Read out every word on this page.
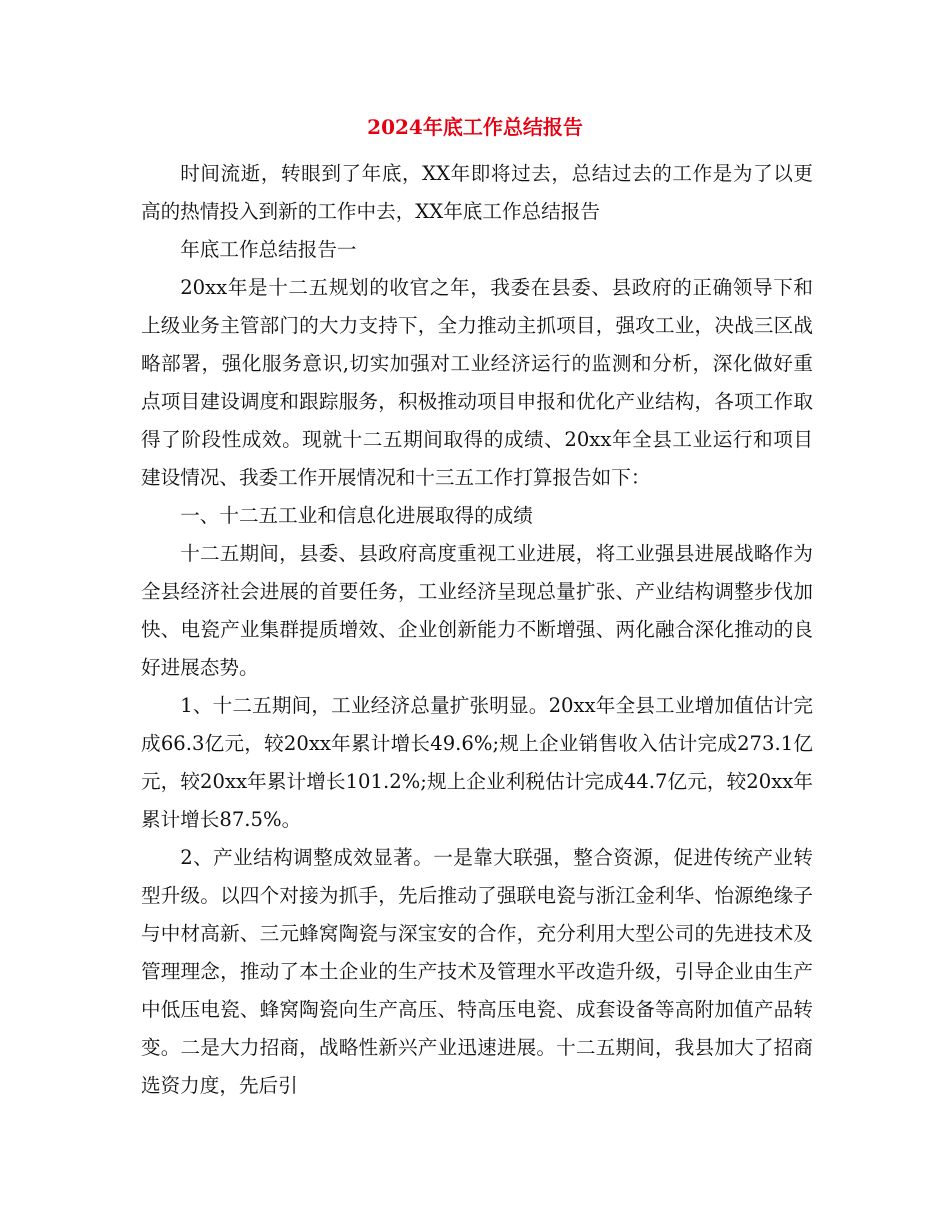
2024年底工作总结报告

时间流逝，转眼到了年底，XX年即将过去，总结过去的工作是为了以更高的热情投入到新的工作中去，XX年底工作总结报告

年底工作总结报告一

20xx年是十二五规划的收官之年，我委在县委、县政府的正确领导下和上级业务主管部门的大力支持下，全力推动主抓项目，强攻工业，决战三区战略部署，强化服务意识,切实加强对工业经济运行的监测和分析，深化做好重点项目建设调度和跟踪服务，积极推动项目申报和优化产业结构，各项工作取得了阶段性成效。现就十二五期间取得的成绩、20xx年全县工业运行和项目建设情况、我委工作开展情况和十三五工作打算报告如下：

一、十二五工业和信息化进展取得的成绩

十二五期间，县委、县政府高度重视工业进展，将工业强县进展战略作为全县经济社会进展的首要任务，工业经济呈现总量扩张、产业结构调整步伐加快、电瓷产业集群提质增效、企业创新能力不断增强、两化融合深化推动的良好进展态势。

1、十二五期间，工业经济总量扩张明显。20xx年全县工业增加值估计完成66.3亿元，较20xx年累计增长49.6%;规上企业销售收入估计完成273.1亿元，较20xx年累计增长101.2%;规上企业利税估计完成44.7亿元，较20xx年累计增长87.5%。

2、产业结构调整成效显著。一是靠大联强，整合资源，促进传统产业转型升级。以四个对接为抓手，先后推动了强联电瓷与浙江金利华、怡源绝缘子与中材高新、三元蜂窝陶瓷与深宝安的合作，充分利用大型公司的先进技术及管理理念，推动了本土企业的生产技术及管理水平改造升级，引导企业由生产中低压电瓷、蜂窝陶瓷向生产高压、特高压电瓷、成套设备等高附加值产品转变。二是大力招商，战略性新兴产业迅速进展。十二五期间，我县加大了招商选资力度，先后引
